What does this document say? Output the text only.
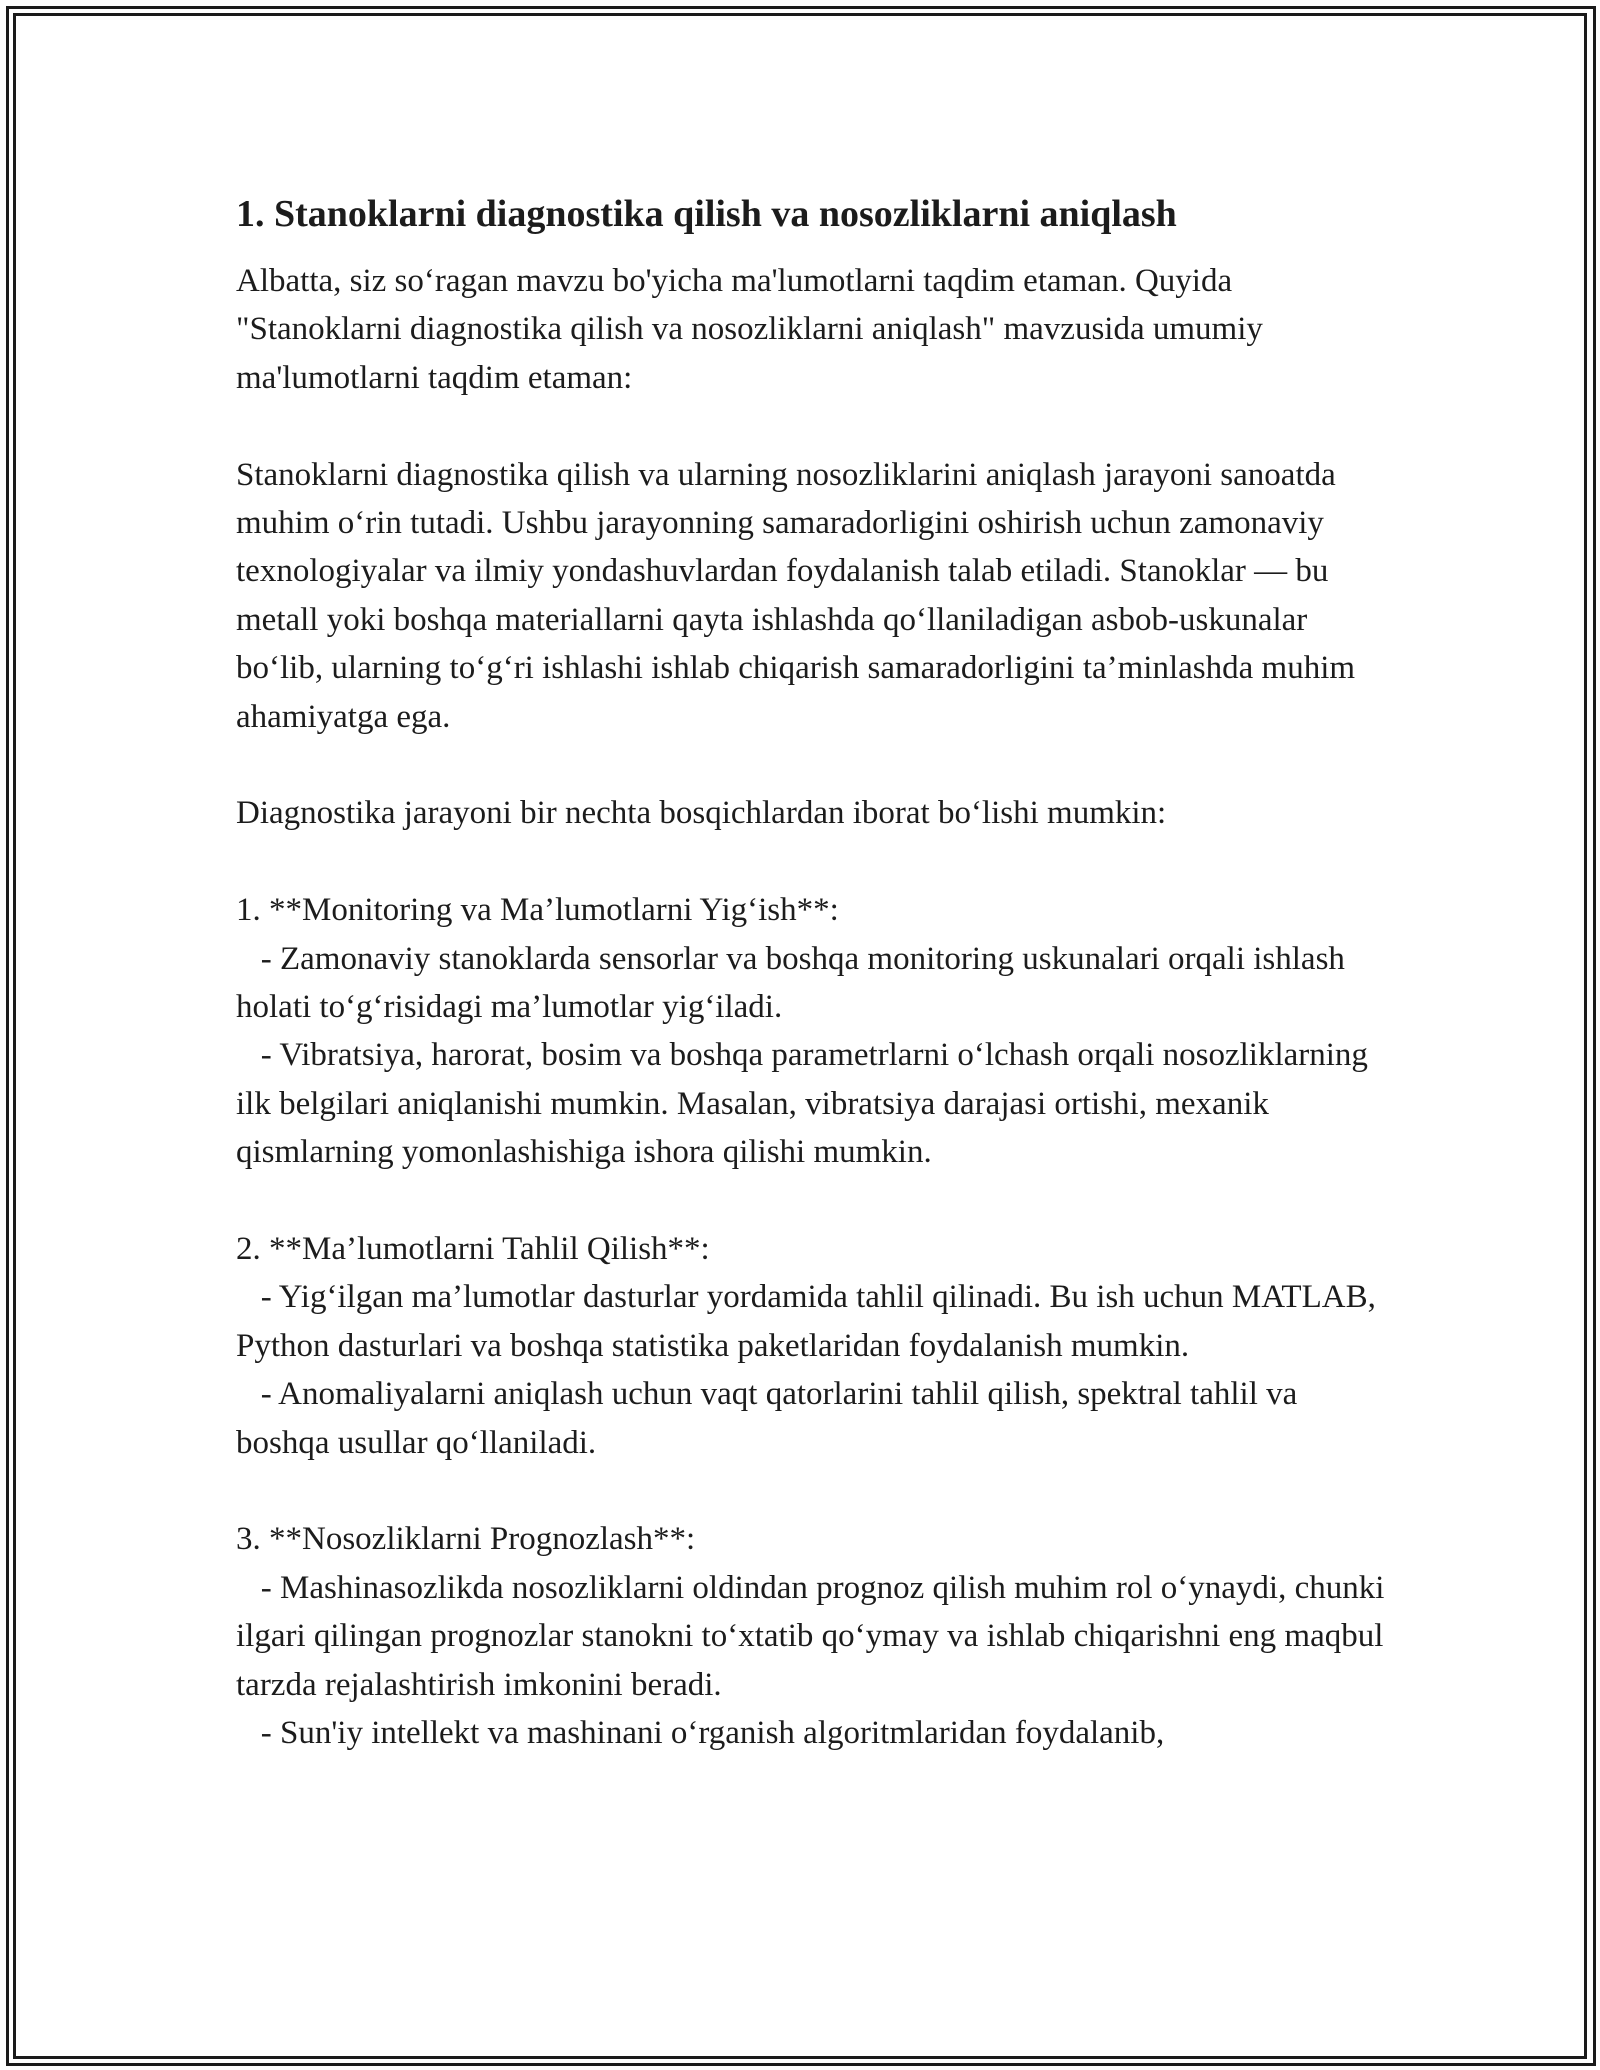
1. Stanoklarni diagnostika qilish va nosozliklarni aniqlash

Albatta, siz so‘ragan mavzu bo'yicha ma'lumotlarni taqdim etaman. Quyida "Stanoklarni diagnostika qilish va nosozliklarni aniqlash" mavzusida umumiy ma'lumotlarni taqdim etaman:

Stanoklarni diagnostika qilish va ularning nosozliklarini aniqlash jarayoni sanoatda muhim o‘rin tutadi. Ushbu jarayonning samaradorligini oshirish uchun zamonaviy texnologiyalar va ilmiy yondashuvlardan foydalanish talab etiladi. Stanoklar — bu metall yoki boshqa materiallarni qayta ishlashda qo‘llaniladigan asbob-uskunalar bo‘lib, ularning to‘g‘ri ishlashi ishlab chiqarish samaradorligini ta’minlashda muhim ahamiyatga ega.

Diagnostika jarayoni bir nechta bosqichlardan iborat bo‘lishi mumkin:

1. **Monitoring va Ma’lumotlarni Yig‘ish**:

- Zamonaviy stanoklarda sensorlar va boshqa monitoring uskunalari orqali ishlash holati to‘g‘risidagi ma’lumotlar yig‘iladi.

- Vibratsiya, harorat, bosim va boshqa parametrlarni o‘lchash orqali nosozliklarning ilk belgilari aniqlanishi mumkin. Masalan, vibratsiya darajasi ortishi, mexanik qismlarning yomonlashishiga ishora qilishi mumkin.

2. **Ma’lumotlarni Tahlil Qilish**:

- Yig‘ilgan ma’lumotlar dasturlar yordamida tahlil qilinadi. Bu ish uchun MATLAB, Python dasturlari va boshqa statistika paketlaridan foydalanish mumkin.

- Anomaliyalarni aniqlash uchun vaqt qatorlarini tahlil qilish, spektral tahlil va boshqa usullar qo‘llaniladi.

3. **Nosozliklarni Prognozlash**:

- Mashinasozlikda nosozliklarni oldindan prognoz qilish muhim rol o‘ynaydi, chunki ilgari qilingan prognozlar stanokni to‘xtatib qo‘ymay va ishlab chiqarishni eng maqbul tarzda rejalashtirish imkonini beradi.

- Sun'iy intellekt va mashinani o‘rganish algoritmlaridan foydalanib,
